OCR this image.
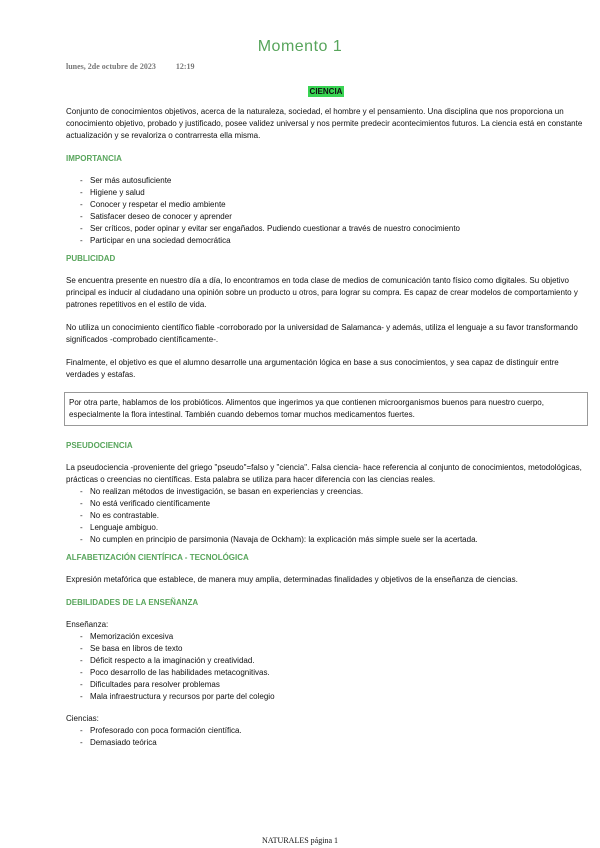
Momento 1
lunes, 2de octubre de 2023	12:19
CIENCIA

Conjunto de conocimientos objetivos, acerca de la naturaleza, sociedad, el hombre y el pensamiento. Una disciplina que nos proporciona un conocimiento objetivo, probado y justificado, posee validez universal y nos permite predecir acontecimientos futuros. La ciencia está en constante actualización y se revaloriza o contrarresta ella misma.

IMPORTANCIA
- Ser más autosuficiente
- Higiene y salud
- Conocer y respetar el medio ambiente
- Satisfacer deseo de conocer y aprender
- Ser críticos, poder opinar y evitar ser engañados. Pudiendo cuestionar a través de nuestro conocimiento
- Participar en una sociedad democrática
PUBLICIDAD

Se encuentra presente en nuestro día a día, lo encontramos en toda clase de medios de comunicación tanto físico como digitales. Su objetivo principal es inducir al ciudadano una opinión sobre un producto u otros, para lograr su compra. Es capaz de crear modelos de comportamiento y patrones repetitivos en el estilo de vida.

No utiliza un conocimiento científico fiable -corroborado por la universidad de Salamanca- y además, utiliza el lenguaje a su favor transformando significados -comprobado científicamente-.

Finalmente, el objetivo es que el alumno desarrolle una argumentación lógica en base a sus conocimientos, y sea capaz de distinguir entre verdades y estafas.

Por otra parte, hablamos de los probióticos. Alimentos que ingerimos ya que contienen microorganismos buenos para nuestro cuerpo, especialmente la flora intestinal. También cuando debemos tomar muchos medicamentos fuertes.
PSEUDOCIENCIA

La pseudociencia -proveniente del griego "pseudo"=falso y "ciencia". Falsa ciencia- hace referencia al conjunto de conocimientos, metodológicas, prácticas o creencias no científicas. Esta palabra se utiliza para hacer diferencia con las ciencias reales.

- No realizan métodos de investigación, se basan en experiencias y creencias.
- No está verificado científicamente
- No es contrastable.
- Lenguaje ambiguo.
- No cumplen en principio de parsimonia (Navaja de Ockham): la explicación más simple suele ser la acertada.
ALFABETIZACIÓN CIENTÍFICA - TECNOLÓGICA

Expresión metafórica que establece, de manera muy amplia, determinadas finalidades y objetivos de la enseñanza de ciencias.

DEBILIDADES DE LA ENSEÑANZA
Enseñanza:
- Memorización excesiva
- Se basa en libros de texto
- Déficit respecto a la imaginación y creatividad.
- Poco desarrollo de las habilidades metacognitivas.
- Dificultades para resolver problemas
- Mala infraestructura y recursos por parte del colegio
Ciencias:
- Profesorado con poca formación científica.
- Demasiado teórica
NATURALES página 1
